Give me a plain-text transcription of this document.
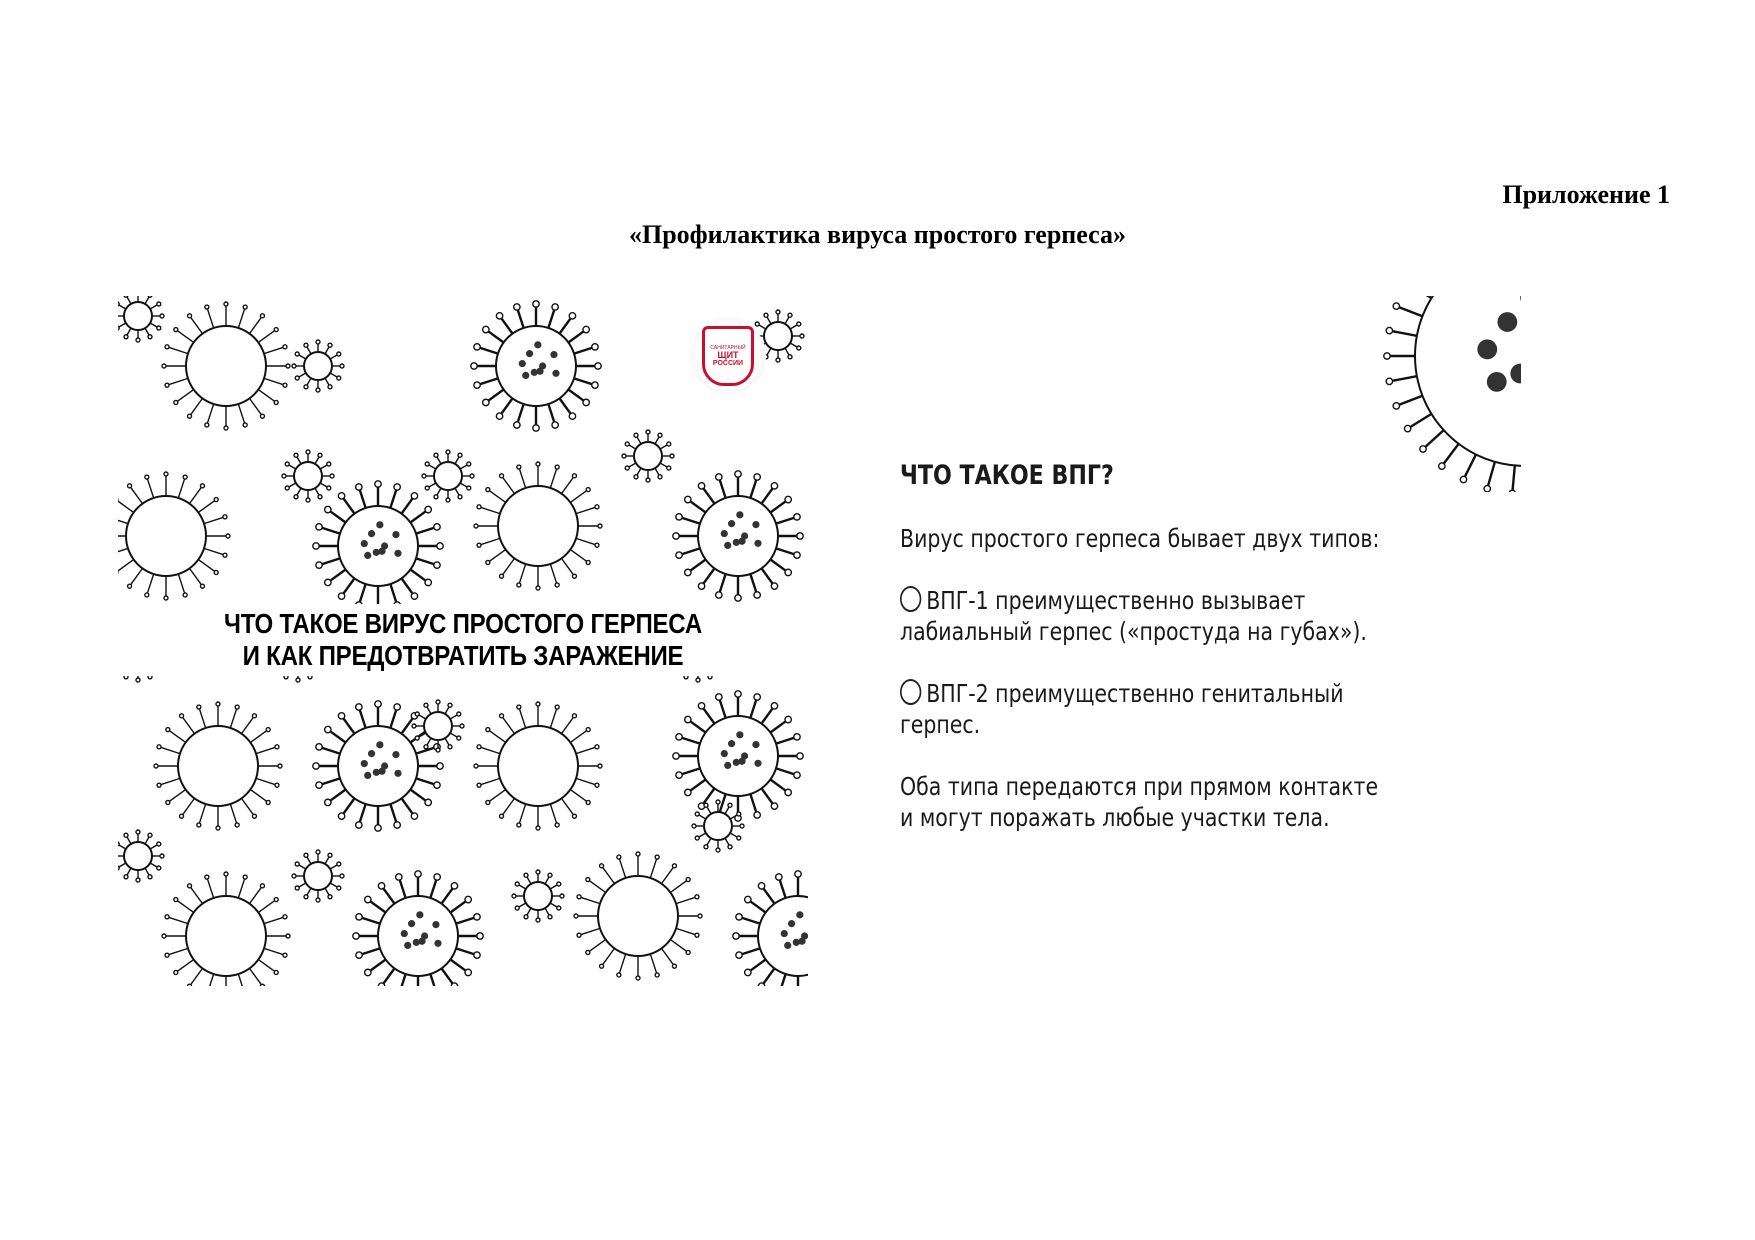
Приложение 1
«Профилактика вируса простого герпеса»
САНИТАРНЫЙ
ЩИТ
РОССИИ
ЧТО ТАКОЕ ВИРУС ПРОСТОГО ГЕРПЕСА
И КАК ПРЕДОТВРАТИТЬ ЗАРАЖЕНИЕ
ЧТО ТАКОЕ ВПГ?
Вирус простого герпеса бывает двух типов:
ВПГ-1 преимущественно вызывает
лабиальный герпес («простуда на губах»).
ВПГ-2 преимущественно генитальный
герпес.
Оба типа передаются при прямом контакте
и могут поражать любые участки тела.
